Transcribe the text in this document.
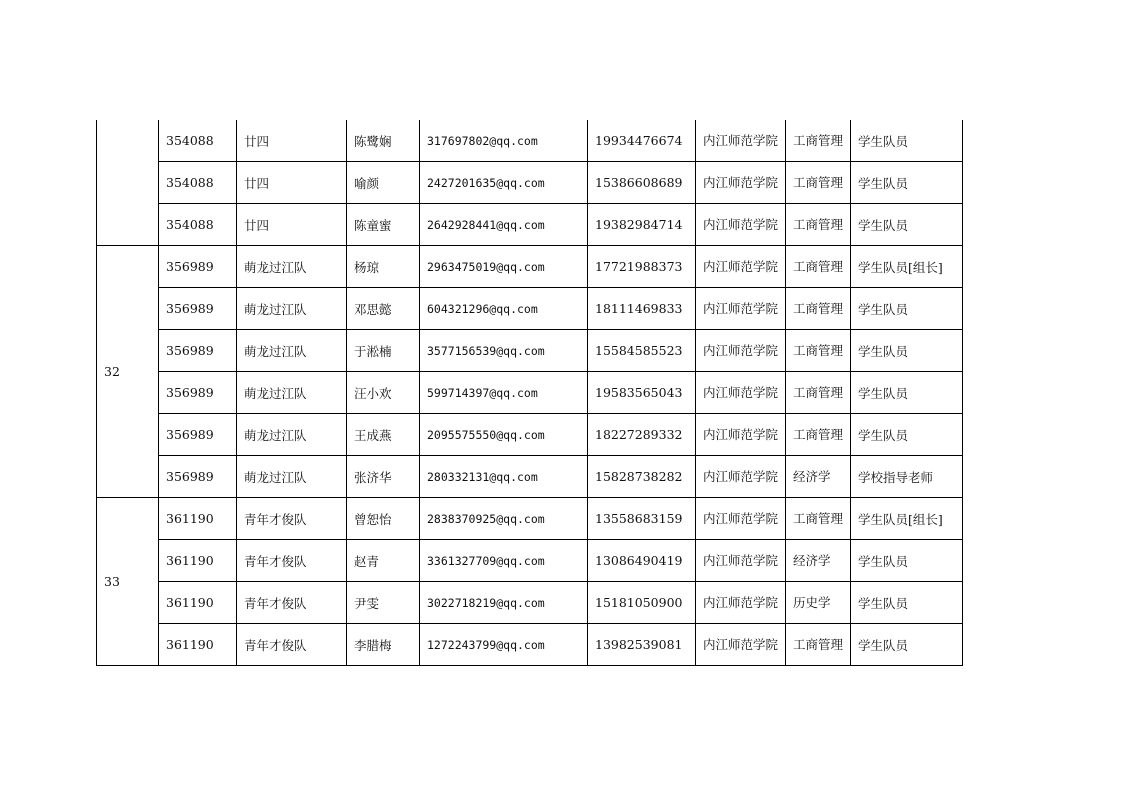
	354088	廿四	陈鹭娴	317697802@qq.com	19934476674	内江师范学院	工商管理	学生队员
	354088	廿四	喻颜	2427201635@qq.com	15386608689	内江师范学院	工商管理	学生队员
	354088	廿四	陈童蜜	2642928441@qq.com	19382984714	内江师范学院	工商管理	学生队员
32	356989	萌龙过江队	杨琼	2963475019@qq.com	17721988373	内江师范学院	工商管理	学生队员[组长]
	356989	萌龙过江队	邓思懿	604321296@qq.com	18111469833	内江师范学院	工商管理	学生队员
	356989	萌龙过江队	于淞楠	3577156539@qq.com	15584585523	内江师范学院	工商管理	学生队员
	356989	萌龙过江队	汪小欢	599714397@qq.com	19583565043	内江师范学院	工商管理	学生队员
	356989	萌龙过江队	王成燕	2095575550@qq.com	18227289332	内江师范学院	工商管理	学生队员
	356989	萌龙过江队	张济华	280332131@qq.com	15828738282	内江师范学院	经济学	学校指导老师
33	361190	青年才俊队	曾恕怡	2838370925@qq.com	13558683159	内江师范学院	工商管理	学生队员[组长]
	361190	青年才俊队	赵青	3361327709@qq.com	13086490419	内江师范学院	经济学	学生队员
	361190	青年才俊队	尹雯	3022718219@qq.com	15181050900	内江师范学院	历史学	学生队员
	361190	青年才俊队	李腊梅	1272243799@qq.com	13982539081	内江师范学院	工商管理	学生队员
